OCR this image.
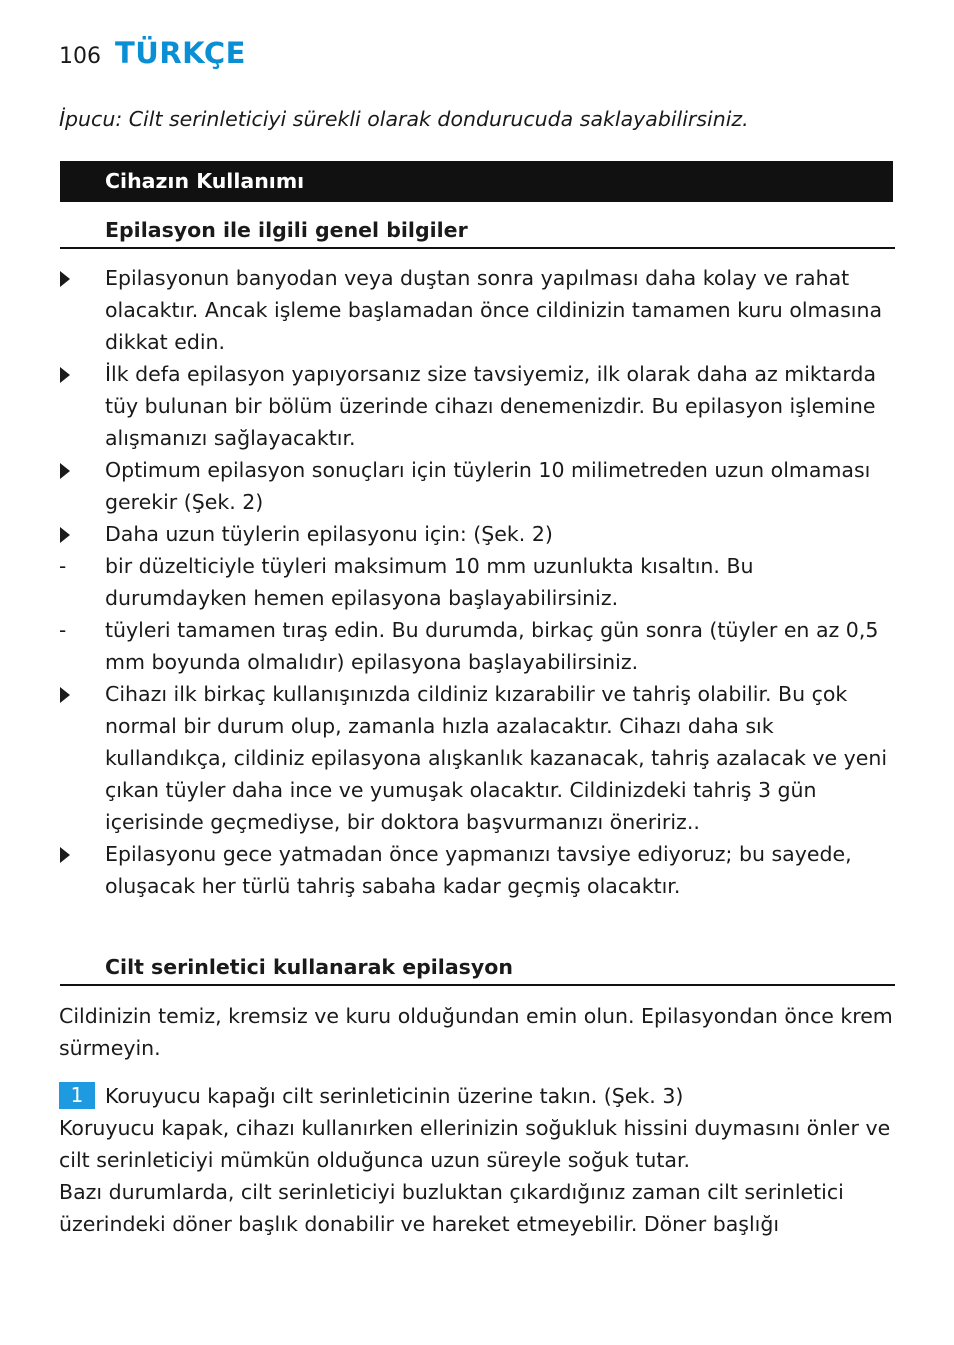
106 TÜRKÇE
İpucu: Cilt serinleticiyi sürekli olarak dondurucuda saklayabilirsiniz.
Cihazın Kullanımı
Epilasyon ile ilgili genel bilgiler
Epilasyonun banyodan veya duştan sonra yapılması daha kolay ve rahat olacaktır. Ancak işleme başlamadan önce cildinizin tamamen kuru olmasına dikkat edin.
İlk defa epilasyon yapıyorsanız size tavsiyemiz, ilk olarak daha az miktarda tüy bulunan bir bölüm üzerinde cihazı denemenizdir. Bu epilasyon işlemine alışmanızı sağlayacaktır.
Optimum epilasyon sonuçları için tüylerin 10 milimetreden uzun olmaması gerekir (Şek. 2)
Daha uzun tüylerin epilasyonu için: (Şek. 2)
-	bir düzelticiyle tüyleri maksimum 10 mm uzunlukta kısaltın. Bu durumdayken hemen epilasyona başlayabilirsiniz.
-	tüyleri tamamen tıraş edin. Bu durumda, birkaç gün sonra (tüyler en az 0,5 mm boyunda olmalıdır) epilasyona başlayabilirsiniz.
Cihazı ilk birkaç kullanışınızda cildiniz kızarabilir ve tahriş olabilir. Bu çok normal bir durum olup, zamanla hızla azalacaktır. Cihazı daha sık kullandıkça, cildiniz epilasyona alışkanlık kazanacak, tahriş azalacak ve yeni çıkan tüyler daha ince ve yumuşak olacaktır. Cildinizdeki tahriş 3 gün içerisinde geçmediyse, bir doktora başvurmanızı öneririz..
Epilasyonu gece yatmadan önce yapmanızı tavsiye ediyoruz; bu sayede, oluşacak her türlü tahriş sabaha kadar geçmiş olacaktır.
Cilt serinletici kullanarak epilasyon
Cildinizin temiz, kremsiz ve kuru olduğundan emin olun. Epilasyondan önce krem sürmeyin.
1 Koruyucu kapağı cilt serinleticinin üzerine takın. (Şek. 3)

Koruyucu kapak, cihazı kullanırken ellerinizin soğukluk hissini duymasını önler ve cilt serinleticiyi mümkün olduğunca uzun süreyle soğuk tutar.

Bazı durumlarda, cilt serinleticiyi buzluktan çıkardığınız zaman cilt serinletici üzerindeki döner başlık donabilir ve hareket etmeyebilir. Döner başlığı
